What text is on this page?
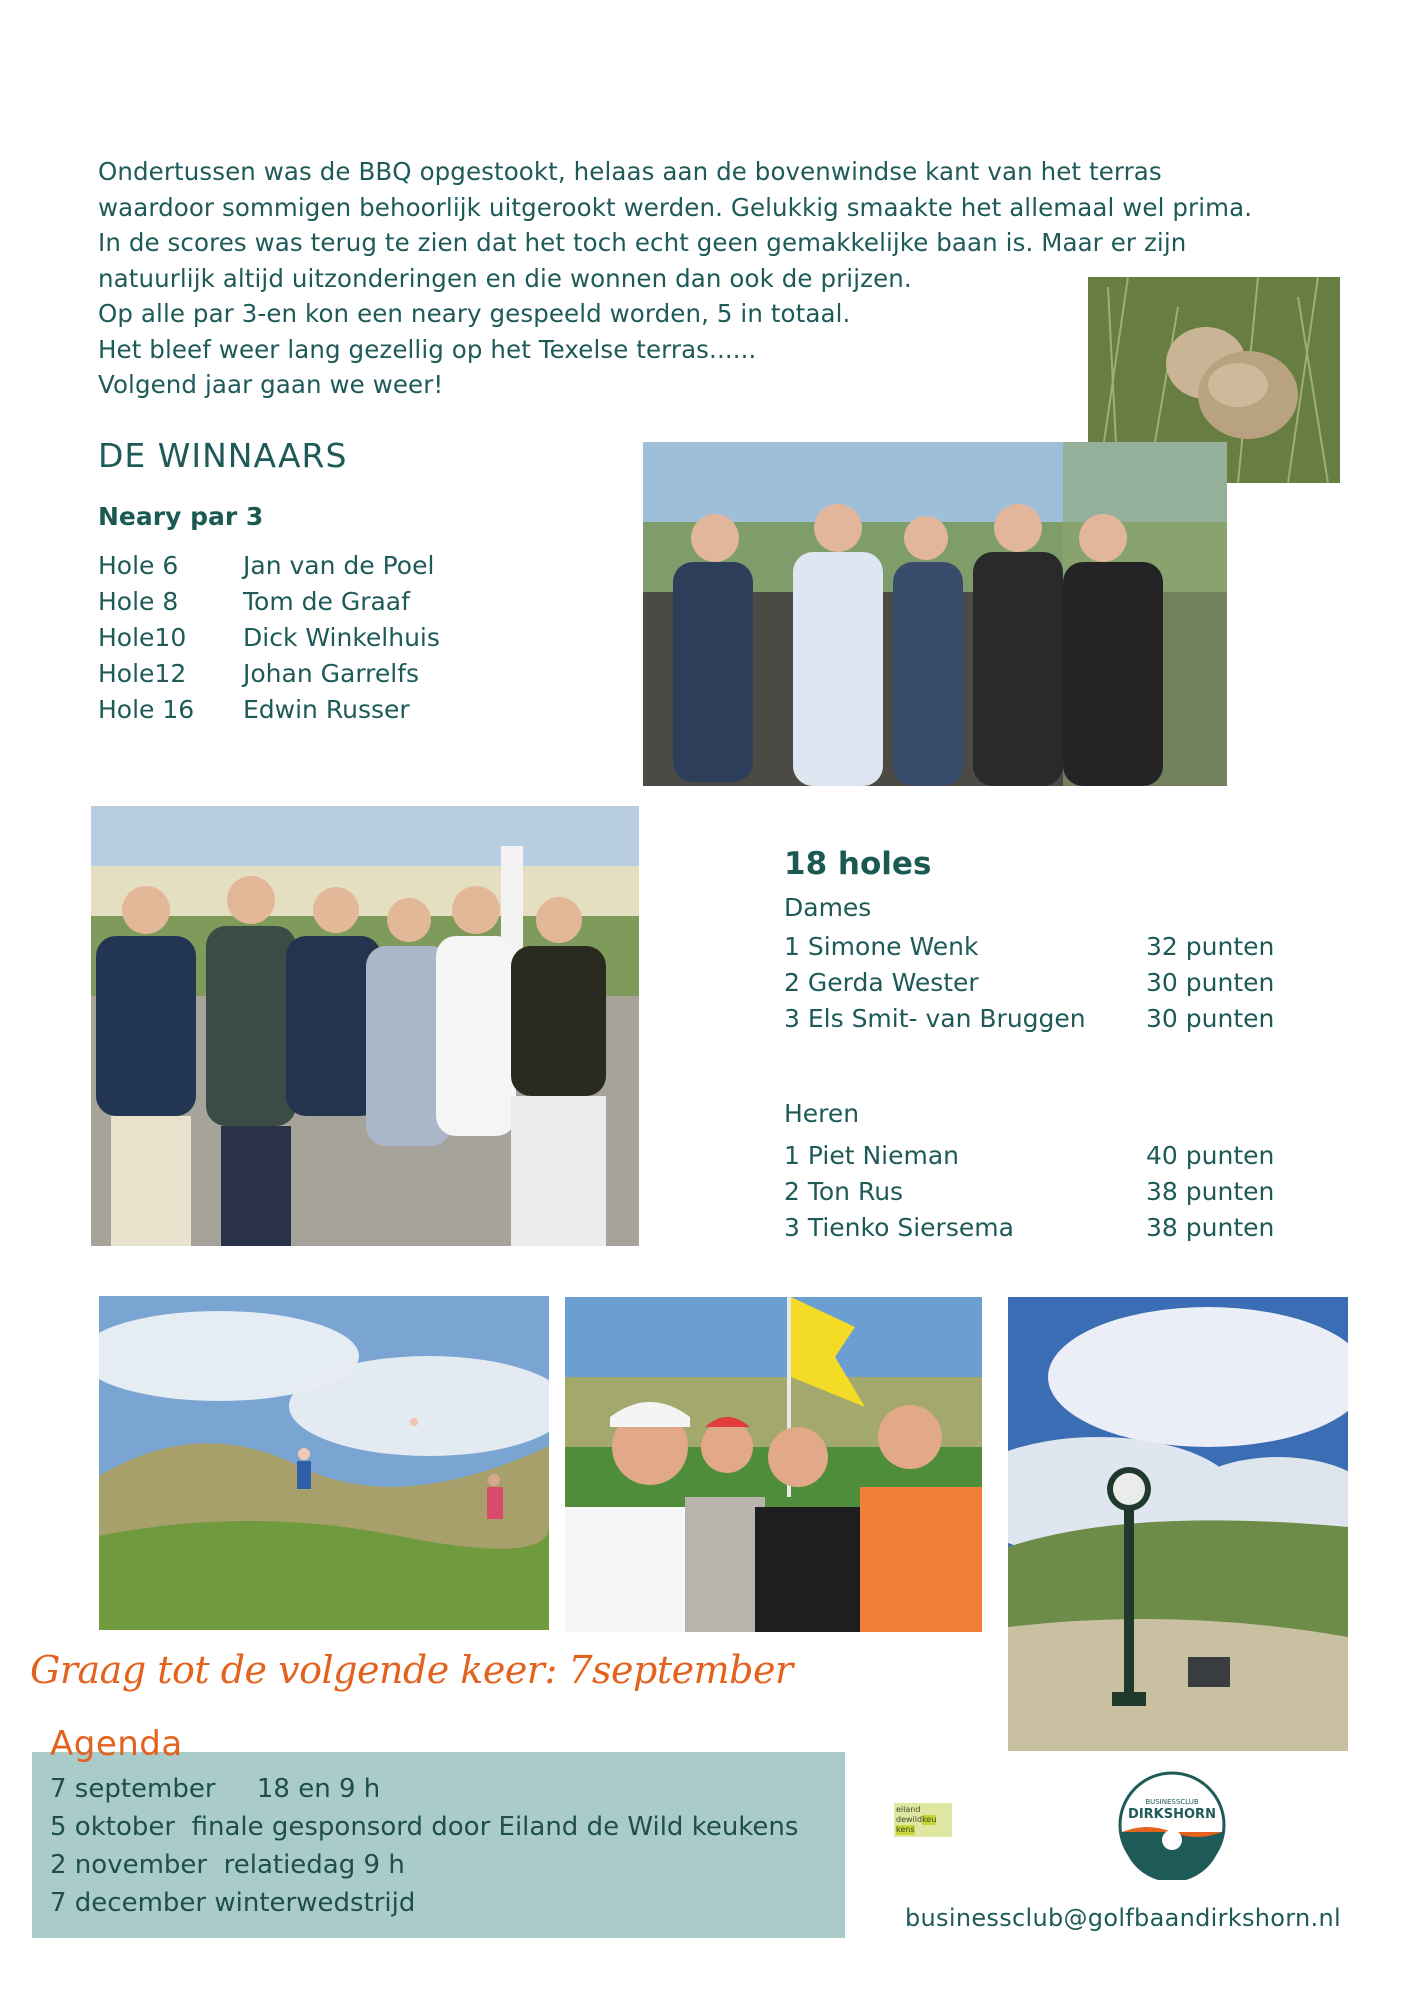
Ondertussen was de BBQ opgestookt, helaas aan de bovenwindse kant van het terras

waardoor sommigen behoorlijk uitgerookt werden. Gelukkig smaakte het allemaal wel prima.

In de scores was terug te zien dat het toch echt geen gemakkelijke baan is. Maar er zijn

natuurlijk altijd uitzonderingen en die wonnen dan ook de prijzen.

Op alle par 3-en kon een neary gespeeld worden, 5 in totaal.

Het bleef weer lang gezellig op het Texelse terras......

Volgend jaar gaan we weer!

DE WINNAARS
Neary par 3
Hole 6	Jan van de Poel
Hole 8	Tom de Graaf
Hole10	Dick Winkelhuis
Hole12	Johan Garrelfs
Hole 16	Edwin Russer
18 holes
Dames
1 Simone Wenk	32 punten
2 Gerda Wester	30 punten
3 Els Smit- van Bruggen	30 punten
Heren
1 Piet Nieman	40 punten
2 Ton Rus	38 punten
3 Tienko Siersema	38 punten
Graag tot de volgende keer: 7september
Agenda
7 september     18 en 9 h
5 oktober  finale gesponsord door Eiland de Wild keukens
2 november  relatiedag 9 h
7 december winterwedstrijd
eiland
dewildkeu
kens
BUSINESSCLUB
DIRKSHORN
businessclub@golfbaandirkshorn.nl
